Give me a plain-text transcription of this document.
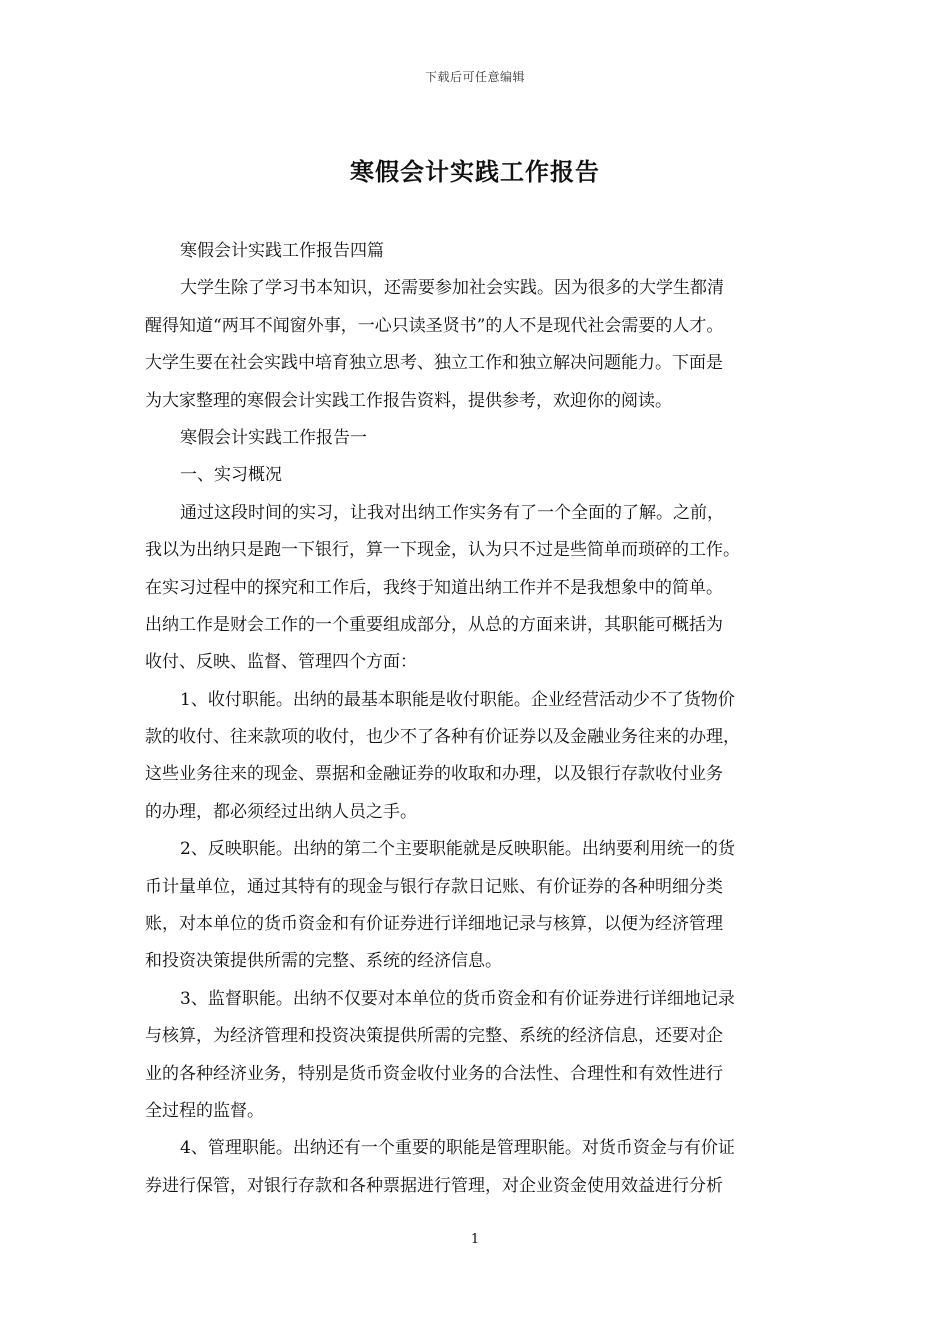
下载后可任意编辑
寒假会计实践工作报告
寒假会计实践工作报告四篇
大学生除了学习书本知识，还需要参加社会实践。因为很多的大学生都清
醒得知道“两耳不闻窗外事，一心只读圣贤书”的人不是现代社会需要的人才。
大学生要在社会实践中培育独立思考、独立工作和独立解决问题能力。下面是
为大家整理的寒假会计实践工作报告资料，提供参考，欢迎你的阅读。
寒假会计实践工作报告一
一、实习概况
通过这段时间的实习，让我对出纳工作实务有了一个全面的了解。之前，
我以为出纳只是跑一下银行，算一下现金，认为只不过是些简单而琐碎的工作。
在实习过程中的探究和工作后，我终于知道出纳工作并不是我想象中的简单。
出纳工作是财会工作的一个重要组成部分，从总的方面来讲，其职能可概括为
收付、反映、监督、管理四个方面：
1、收付职能。出纳的最基本职能是收付职能。企业经营活动少不了货物价
款的收付、往来款项的收付，也少不了各种有价证券以及金融业务往来的办理，
这些业务往来的现金、票据和金融证券的收取和办理，以及银行存款收付业务
的办理，都必须经过出纳人员之手。
2、反映职能。出纳的第二个主要职能就是反映职能。出纳要利用统一的货
币计量单位，通过其特有的现金与银行存款日记账、有价证券的各种明细分类
账，对本单位的货币资金和有价证券进行详细地记录与核算，以便为经济管理
和投资决策提供所需的完整、系统的经济信息。
3、监督职能。出纳不仅要对本单位的货币资金和有价证券进行详细地记录
与核算，为经济管理和投资决策提供所需的完整、系统的经济信息，还要对企
业的各种经济业务，特别是货币资金收付业务的合法性、合理性和有效性进行
全过程的监督。
4、管理职能。出纳还有一个重要的职能是管理职能。对货币资金与有价证
券进行保管，对银行存款和各种票据进行管理，对企业资金使用效益进行分析
1
